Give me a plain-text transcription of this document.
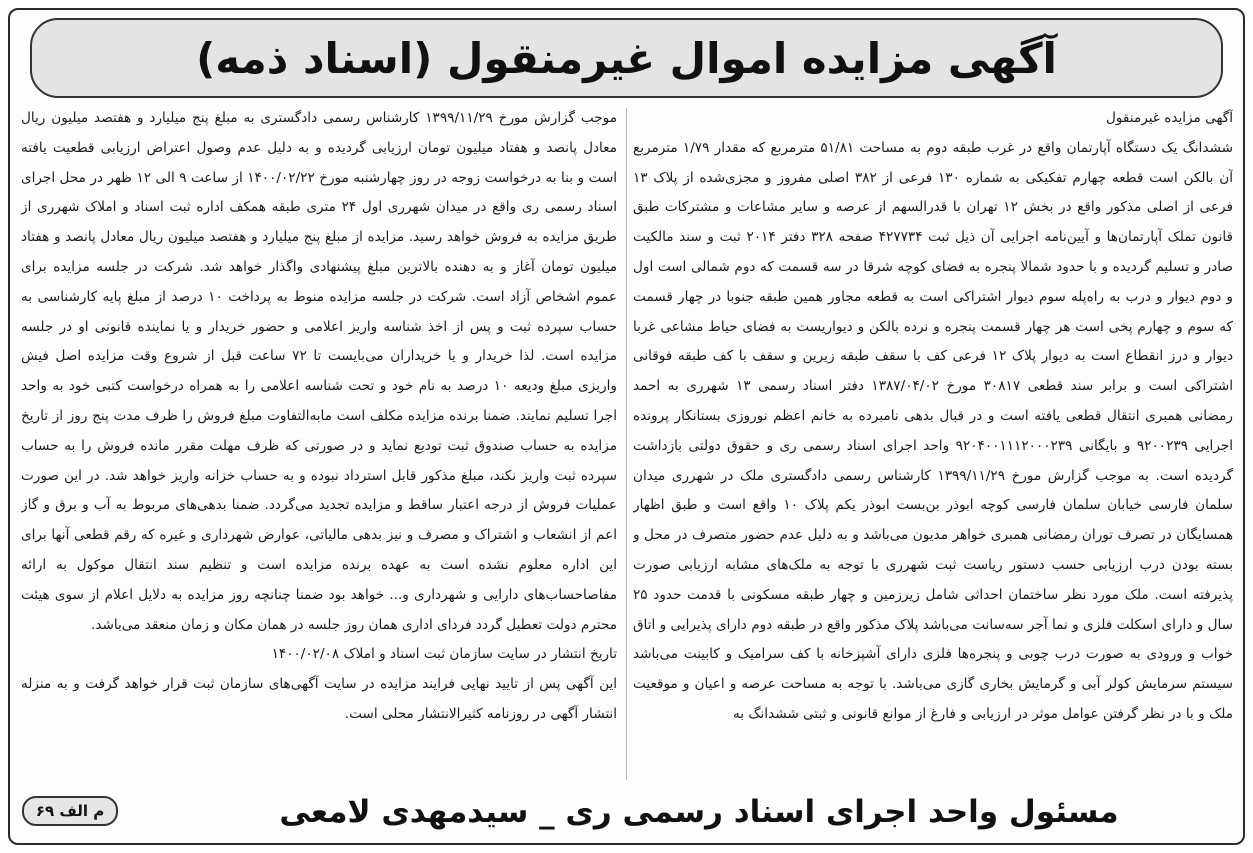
آگهی مزایده اموال غیرمنقول (اسناد ذمه)

آگهی مزایده غیرمنقول

ششدانگ یک دستگاه آپارتمان واقع در غرب طبقه دوم به مساحت ۵۱/۸۱ مترمربع که مقدار ۱/۷۹ مترمربع آن بالکن است قطعه چهارم تفکیکی به شماره ۱۳۰ فرعی از ۳۸۲ اصلی مفروز و مجزی‌شده از پلاک ۱۳ فرعی از اصلی مذکور واقع در بخش ۱۲ تهران با قدرالسهم از عرصه و سایر مشاعات و مشترکات طبق قانون تملک آپارتمان‌ها و آیین‌نامه اجرایی آن ذیل ثبت ۴۲۷۷۳۴ صفحه ۳۲۸ دفتر ۲۰۱۴ ثبت و سند مالکیت صادر و تسلیم گردیده و با حدود شمالا پنجره به فضای کوچه شرقا در سه قسمت که دوم شمالی است اول و دوم دیوار و درب به راه‌پله سوم دیوار اشتراکی است به قطعه مجاور همین طبقه جنوبا در چهار قسمت که سوم و چهارم پخی است هر چهار قسمت پنجره و نرده بالکن و دیواریست به فضای حیاط مشاعی غربا دیوار و درز انقطاع است به دیوار پلاک ۱۲ فرعی کف با سقف طبقه زیرین و سقف با کف طبقه فوقانی اشتراکی است و برابر سند قطعی ۳۰۸۱۷ مورخ ۱۳۸۷/۰۴/۰۲ دفتر اسناد رسمی ۱۳ شهرری به احمد رمضانی همبری انتقال قطعی یافته است و در قبال بدهی نامبرده به خانم اعظم نوروزی بستانکار پرونده اجرایی ۹۲۰۰۲۳۹ و بایگانی ۹۲۰۴۰۰۱۱۱۲۰۰۰۲۳۹ واحد اجرای اسناد رسمی ری و حقوق دولتی بازداشت گردیده است. به موجب گزارش مورخ ۱۳۹۹/۱۱/۲۹ کارشناس رسمی دادگستری ملک در شهرری میدان سلمان فارسی خیابان سلمان فارسی کوچه ابوذر بن‌بست ابوذر یکم پلاک ۱۰ واقع است و طبق اظهار همسایگان در تصرف توران رمضانی همبری خواهر مدیون می‌باشد و به دلیل عدم حضور متصرف در محل و بسته بودن درب ارزیابی حسب دستور ریاست ثبت شهرری با توجه به ملک‌های مشابه ارزیابی صورت پذیرفته است. ملک مورد نظر ساختمان احداثی شامل زیرزمین و چهار طبقه مسکونی با قدمت حدود ۲۵ سال و دارای اسکلت فلزی و نما آجر سه‌سانت می‌باشد پلاک مذکور واقع در طبقه دوم دارای پذیرایی و اتاق خواب و ورودی به صورت درب چوبی و پنجره‌ها فلزی دارای آشپزخانه با کف سرامیک و کابینت می‌باشد سیستم سرمایش کولر آبی و گرمایش بخاری گازی می‌باشد. با توجه به مساحت عرصه و اعیان و موقعیت ملک و با در نظر گرفتن عوامل موثر در ارزیابی و فارغ از موانع قانونی و ثبتی ششدانگ به

موجب گزارش مورخ ۱۳۹۹/۱۱/۲۹ کارشناس رسمی دادگستری به مبلغ پنج میلیارد و هفتصد میلیون ریال معادل پانصد و هفتاد میلیون تومان ارزیابی گردیده و به دلیل عدم وصول اعتراض ارزیابی قطعیت یافته است و بنا به درخواست زوجه در روز چهارشنبه مورخ ۱۴۰۰/۰۲/۲۲ از ساعت ۹ الی ۱۲ ظهر در محل اجرای اسناد رسمی ری واقع در میدان شهرری اول ۲۴ متری طبقه همکف اداره ثبت اسناد و املاک شهرری از طریق مزایده به فروش خواهد رسید. مزایده از مبلغ پنج میلیارد و هفتصد میلیون ریال معادل پانصد و هفتاد میلیون تومان آغاز و به دهنده بالاترین مبلغ پیشنهادی واگذار خواهد شد. شرکت در جلسه مزایده برای عموم اشخاص آزاد است. شرکت در جلسه مزایده منوط به پرداخت ۱۰ درصد از مبلغ پایه کارشناسی به حساب سپرده ثبت و پس از اخذ شناسه واریز اعلامی و حضور خریدار و یا نماینده قانونی او در جلسه مزایده است. لذا خریدار و یا خریداران می‌بایست تا ۷۲ ساعت قبل از شروع وقت مزایده اصل فیش واریزی مبلغ ودیعه ۱۰ درصد به نام خود و تحت شناسه اعلامی را به همراه درخواست کتبی خود به واحد اجرا تسلیم نمایند. ضمنا برنده مزایده مکلف است مابه‌التفاوت مبلغ فروش را ظرف مدت پنج روز از تاریخ مزایده به حساب صندوق ثبت تودیع نماید و در صورتی که ظرف مهلت مقرر مانده فروش را به حساب سپرده ثبت واریز نکند، مبلغ مذکور قابل استرداد نبوده و به حساب خزانه واریز خواهد شد. در این صورت عملیات فروش از درجه اعتبار ساقط و مزایده تجدید می‌گردد. ضمنا بدهی‌های مربوط به آب و برق و گاز اعم از انشعاب و اشتراک و مصرف و نیز بدهی مالیاتی، عوارض شهرداری و غیره که رقم قطعی آنها برای این اداره معلوم نشده است به عهده برنده مزایده است و تنظیم سند انتقال موکول به ارائه مفاصاحساب‌های دارایی و شهرداری و... خواهد بود ضمنا چنانچه روز مزایده به دلایل اعلام از سوی هیئت محترم دولت تعطیل گردد فردای اداری همان روز جلسه در همان مکان و زمان منعقد می‌باشد.

تاریخ انتشار در سایت سازمان ثبت اسناد و املاک ۱۴۰۰/۰۲/۰۸

این آگهی پس از تایید نهایی فرایند مزایده در سایت آگهی‌های سازمان ثبت قرار خواهد گرفت و به منزله انتشار آگهی در روزنامه کثیرالانتشار محلی است.

مسئول واحد اجرای اسناد رسمی ری _ سیدمهدی لامعی
م الف ۶۹
